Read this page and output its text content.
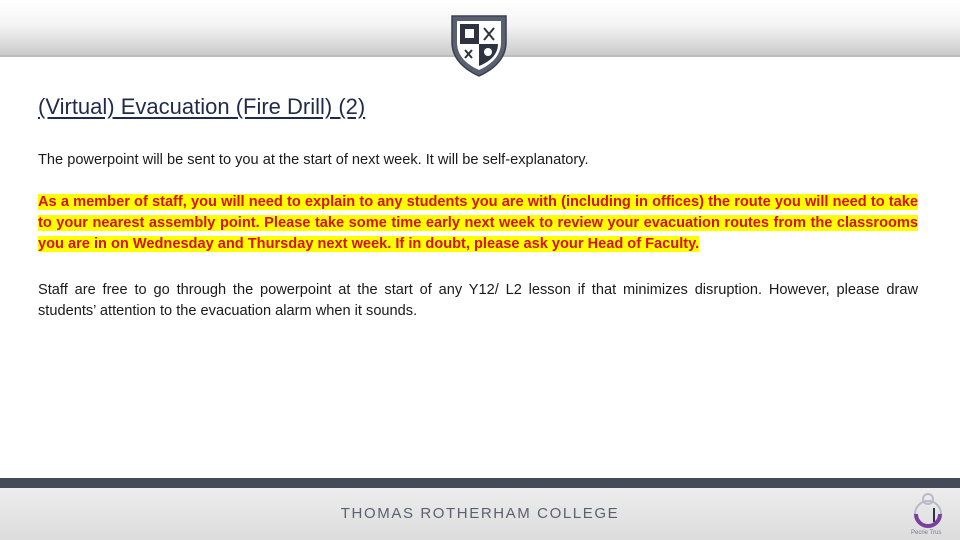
(Virtual) Evacuation (Fire Drill) (2)
The powerpoint will be sent to you at the start of next week. It will be self-explanatory.
As a member of staff, you will need to explain to any students you are with (including in offices) the route you will need to take to your nearest assembly point. Please take some time early next week to review your evacuation routes from the classrooms you are in on Wednesday and Thursday next week. If in doubt, please ask your Head of Faculty.
Staff are free to go through the powerpoint at the start of any Y12/ L2 lesson if that minimizes disruption. However, please draw students’ attention to the evacuation alarm when it sounds.
THOMAS ROTHERHAM COLLEGE
Pecrie Trus
